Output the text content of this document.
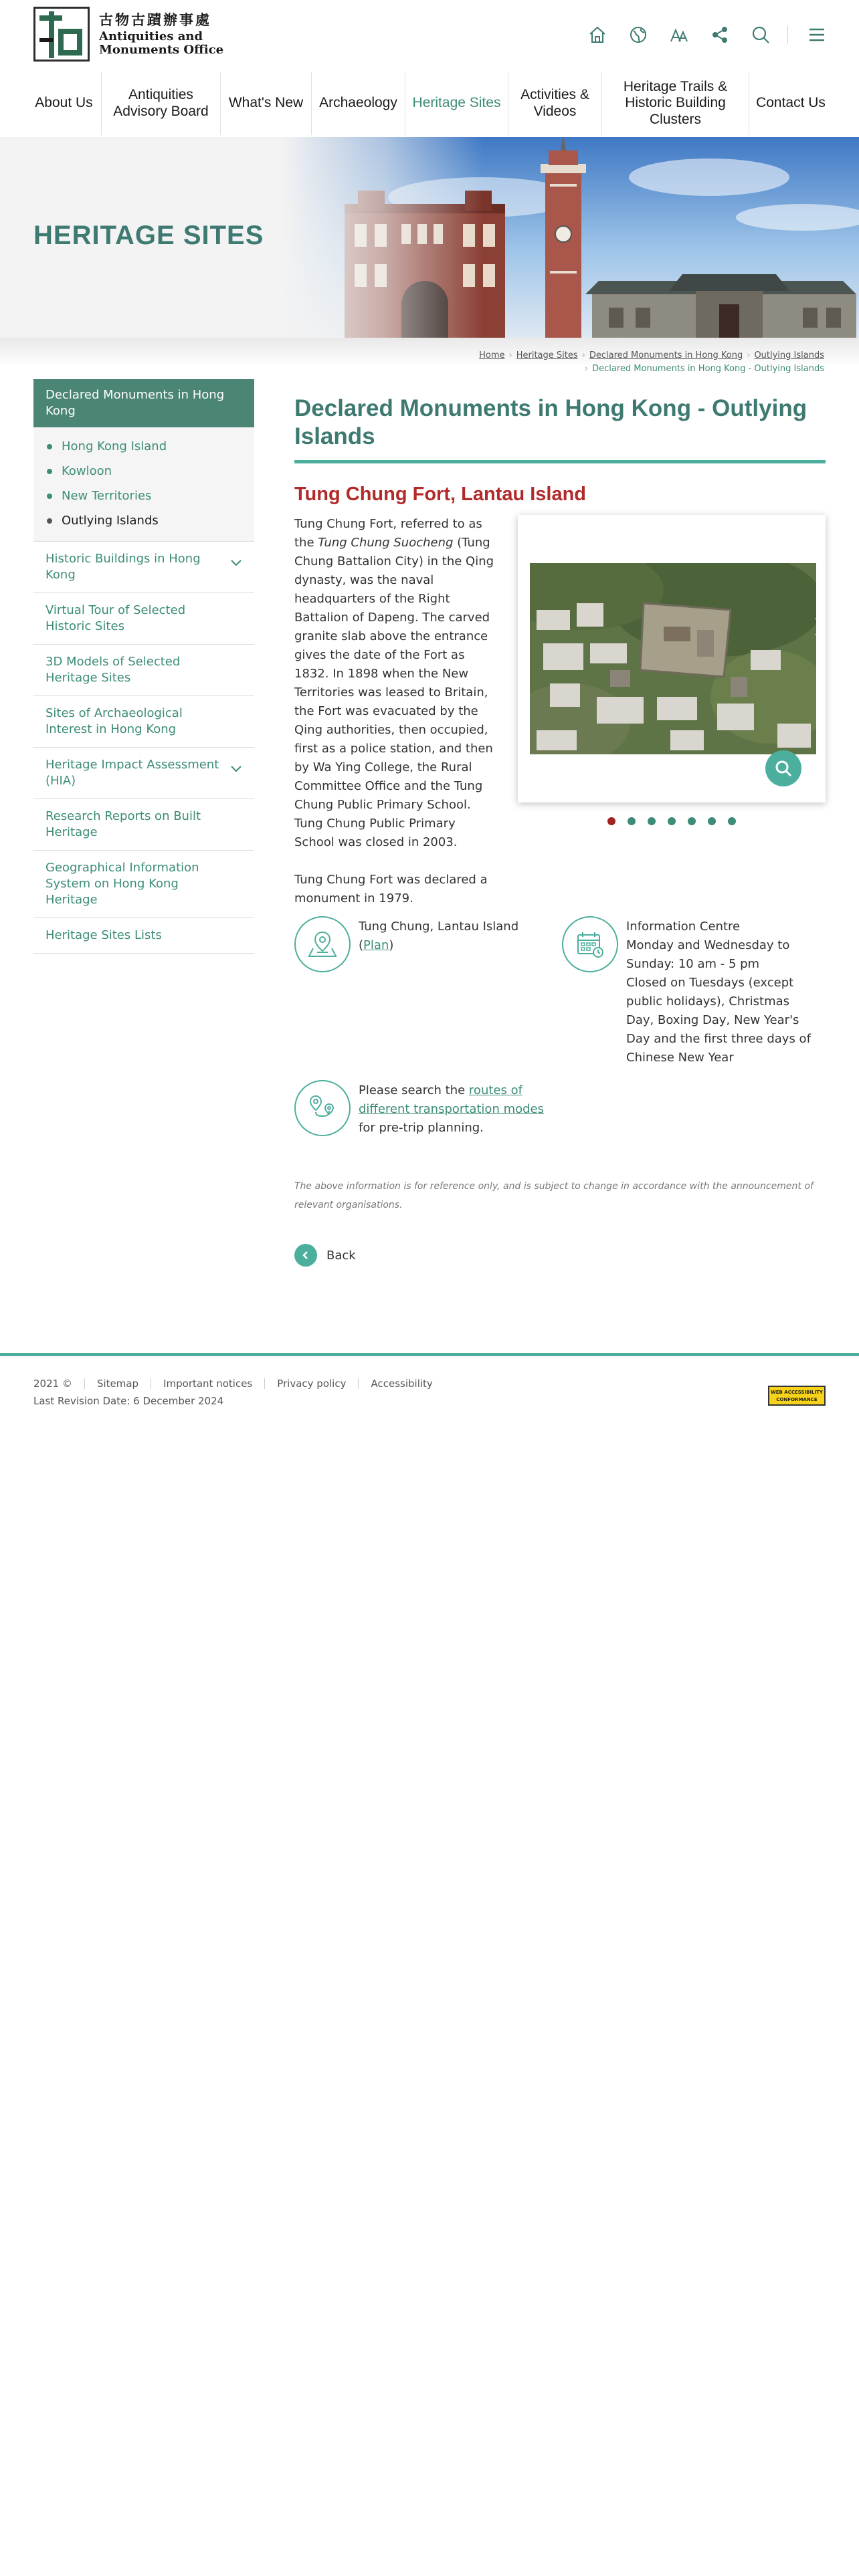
古物古蹟辦事處
Antiquities and
Monuments Office
About Us
Antiquities Advisory Board
What's New	Archaeology	Heritage Sites
Activities & Videos
Heritage Trails & Historic Building Clusters
Contact Us
HERITAGE SITES
Home › Heritage Sites › Declared Monuments in Hong Kong › Outlying Islands
› Declared Monuments in Hong Kong - Outlying Islands
Declared Monuments in Hong Kong
Hong Kong Island
Kowloon
New Territories
Outlying Islands
Historic Buildings in Hong Kong
Virtual Tour of Selected Historic Sites
3D Models of Selected Heritage Sites
Sites of Archaeological Interest in Hong Kong
Heritage Impact Assessment (HIA)
Research Reports on Built Heritage
Geographical Information System on Hong Kong Heritage
Heritage Sites Lists
Declared Monuments in Hong Kong - Outlying Islands
Tung Chung Fort, Lantau Island

Tung Chung Fort, referred to as the Tung Chung Suocheng (Tung Chung Battalion City) in the Qing dynasty, was the naval headquarters of the Right Battalion of Dapeng. The carved granite slab above the entrance gives the date of the Fort as 1832. In 1898 when the New Territories was leased to Britain, the Fort was evacuated by the Qing authorities, then occupied, first as a police station, and then by Wa Ying College, the Rural Committee Office and the Tung Chung Public Primary School. Tung Chung Public Primary School was closed in 2003.

Tung Chung Fort was declared a monument in 1979.

Tung Chung, Lantau Island (Plan)
Information Centre
Monday and Wednesday to Sunday: 10 am - 5 pm
Closed on Tuesdays (except public holidays), Christmas Day, Boxing Day, New Year's Day and the first three days of Chinese New Year
Please search the routes of different transportation modes for pre-trip planning.
The above information is for reference only, and is subject to change in accordance with the announcement of relevant organisations.
Back
2021 © Sitemap Important notices Privacy policy Accessibility
Last Revision Date: 6 December 2024
WEB ACCESSIBILITY CONFORMANCE
